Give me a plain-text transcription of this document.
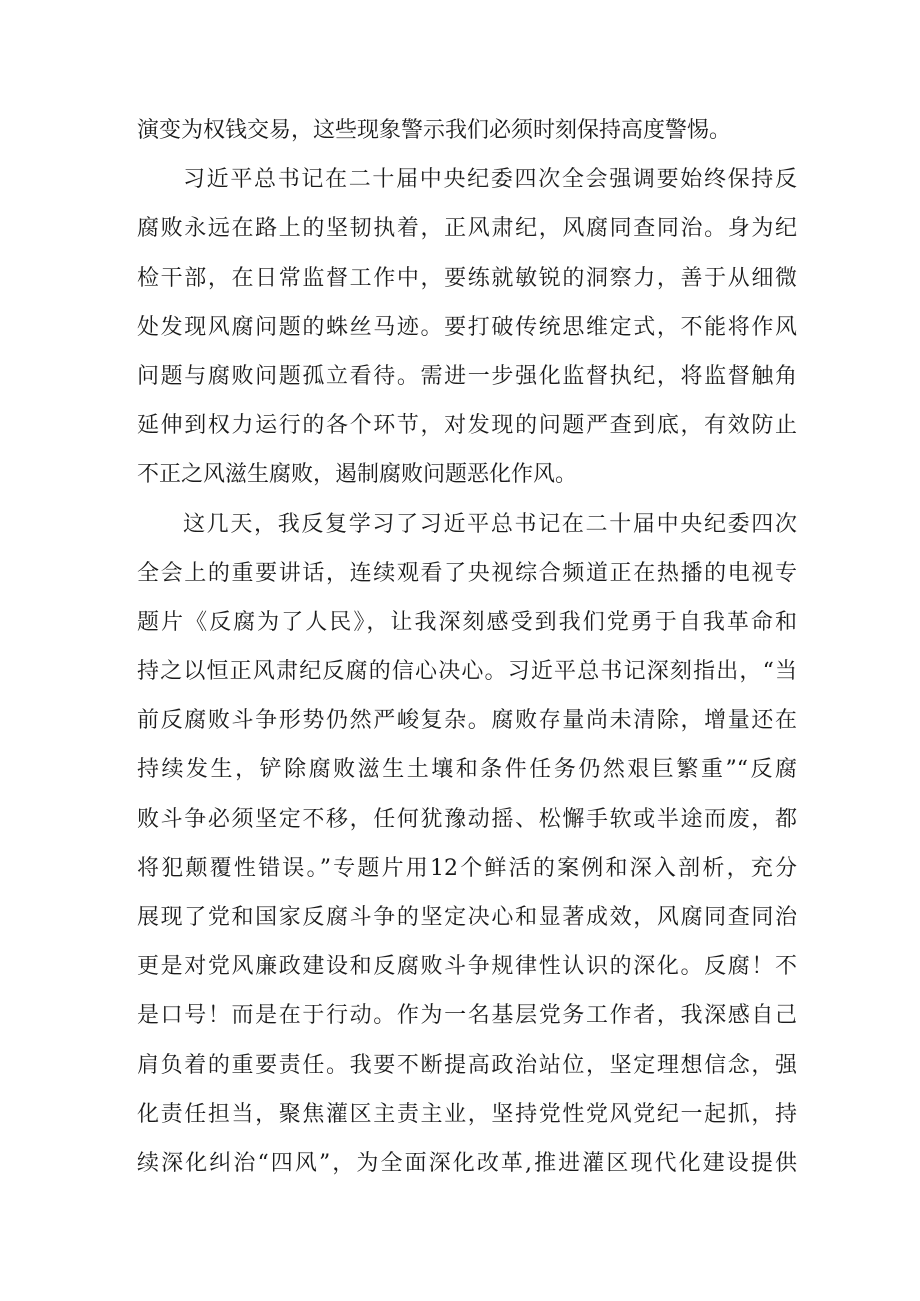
演变为权钱交易，这些现象警示我们必须时刻保持高度警惕。
习近平总书记在二十届中央纪委四次全会强调要始终保持反
腐败永远在路上的坚韧执着，正风肃纪，风腐同查同治。身为纪
检干部，在日常监督工作中，要练就敏锐的洞察力，善于从细微
处发现风腐问题的蛛丝马迹。要打破传统思维定式，不能将作风
问题与腐败问题孤立看待。需进一步强化监督执纪，将监督触角
延伸到权力运行的各个环节，对发现的问题严查到底，有效防止
不正之风滋生腐败，遏制腐败问题恶化作风。
这几天，我反复学习了习近平总书记在二十届中央纪委四次
全会上的重要讲话，连续观看了央视综合频道正在热播的电视专
题片《反腐为了人民》，让我深刻感受到我们党勇于自我革命和
持之以恒正风肃纪反腐的信心决心。习近平总书记深刻指出，“当
前反腐败斗争形势仍然严峻复杂。腐败存量尚未清除，增量还在
持续发生，铲除腐败滋生土壤和条件任务仍然艰巨繁重”“反腐
败斗争必须坚定不移，任何犹豫动摇、松懈手软或半途而废，都
将犯颠覆性错误。”专题片用12个鲜活的案例和深入剖析，充分
展现了党和国家反腐斗争的坚定决心和显著成效，风腐同查同治
更是对党风廉政建设和反腐败斗争规律性认识的深化。反腐！不
是口号！而是在于行动。作为一名基层党务工作者，我深感自己
肩负着的重要责任。我要不断提高政治站位，坚定理想信念，强
化责任担当，聚焦灌区主责主业，坚持党性党风党纪一起抓，持
续深化纠治“四风”，为全面深化改革,推进灌区现代化建设提供
